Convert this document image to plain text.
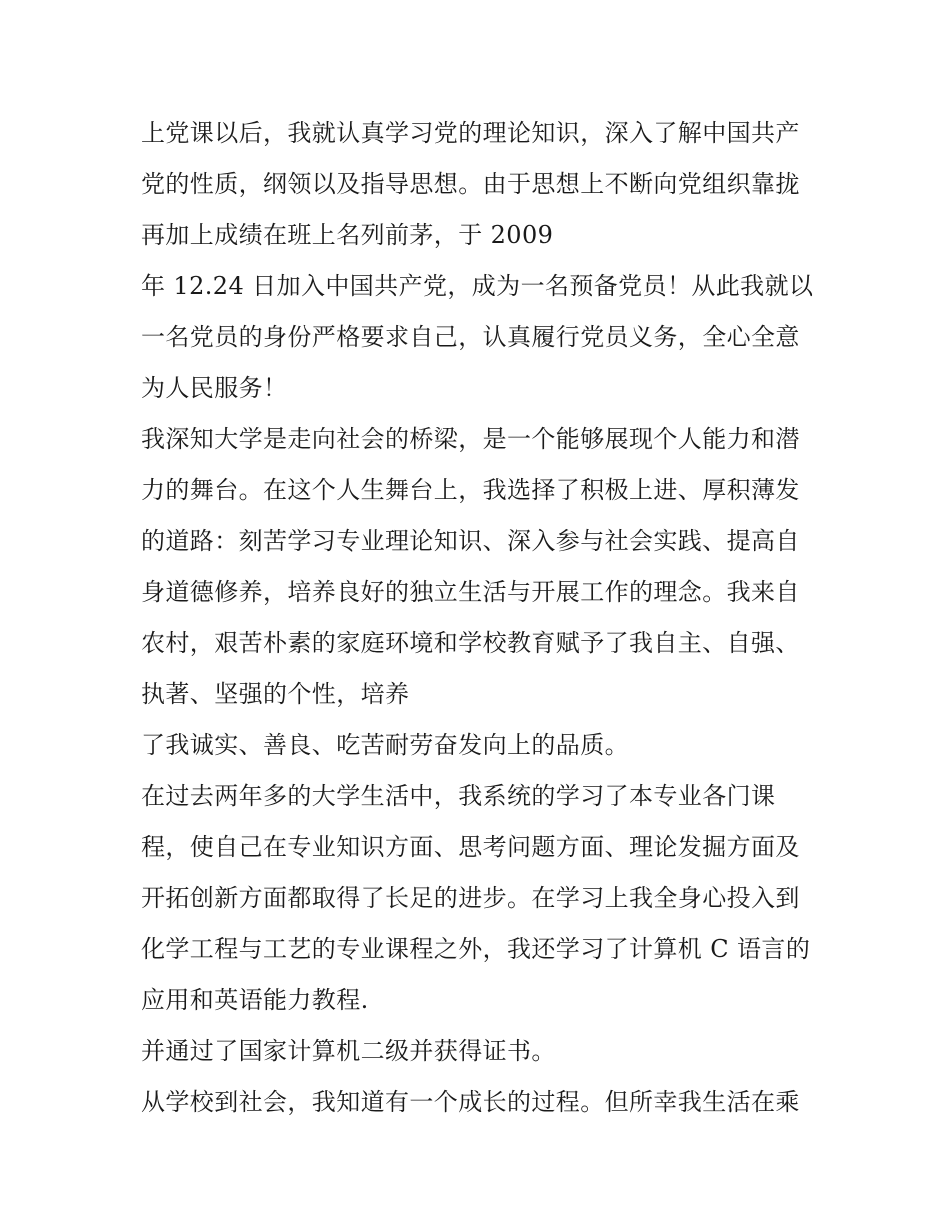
上党课以后，我就认真学习党的理论知识，深入了解中国共产
党的性质，纲领以及指导思想。由于思想上不断向党组织靠拢
再加上成绩在班上名列前茅，于 2009
年 12.24 日加入中国共产党，成为一名预备党员！从此我就以
一名党员的身份严格要求自己，认真履行党员义务，全心全意
为人民服务！
我深知大学是走向社会的桥梁，是一个能够展现个人能力和潜
力的舞台。在这个人生舞台上，我选择了积极上进、厚积薄发
的道路：刻苦学习专业理论知识、深入参与社会实践、提高自
身道德修养，培养良好的独立生活与开展工作的理念。我来自
农村，艰苦朴素的家庭环境和学校教育赋予了我自主、自强、
执著、坚强的个性，培养
了我诚实、善良、吃苦耐劳奋发向上的品质。
在过去两年多的大学生活中，我系统的学习了本专业各门课
程，使自己在专业知识方面、思考问题方面、理论发掘方面及
开拓创新方面都取得了长足的进步。在学习上我全身心投入到
化学工程与工艺的专业课程之外，我还学习了计算机 C 语言的
应用和英语能力教程.
并通过了国家计算机二级并获得证书。
从学校到社会，我知道有一个成长的过程。但所幸我生活在乘
